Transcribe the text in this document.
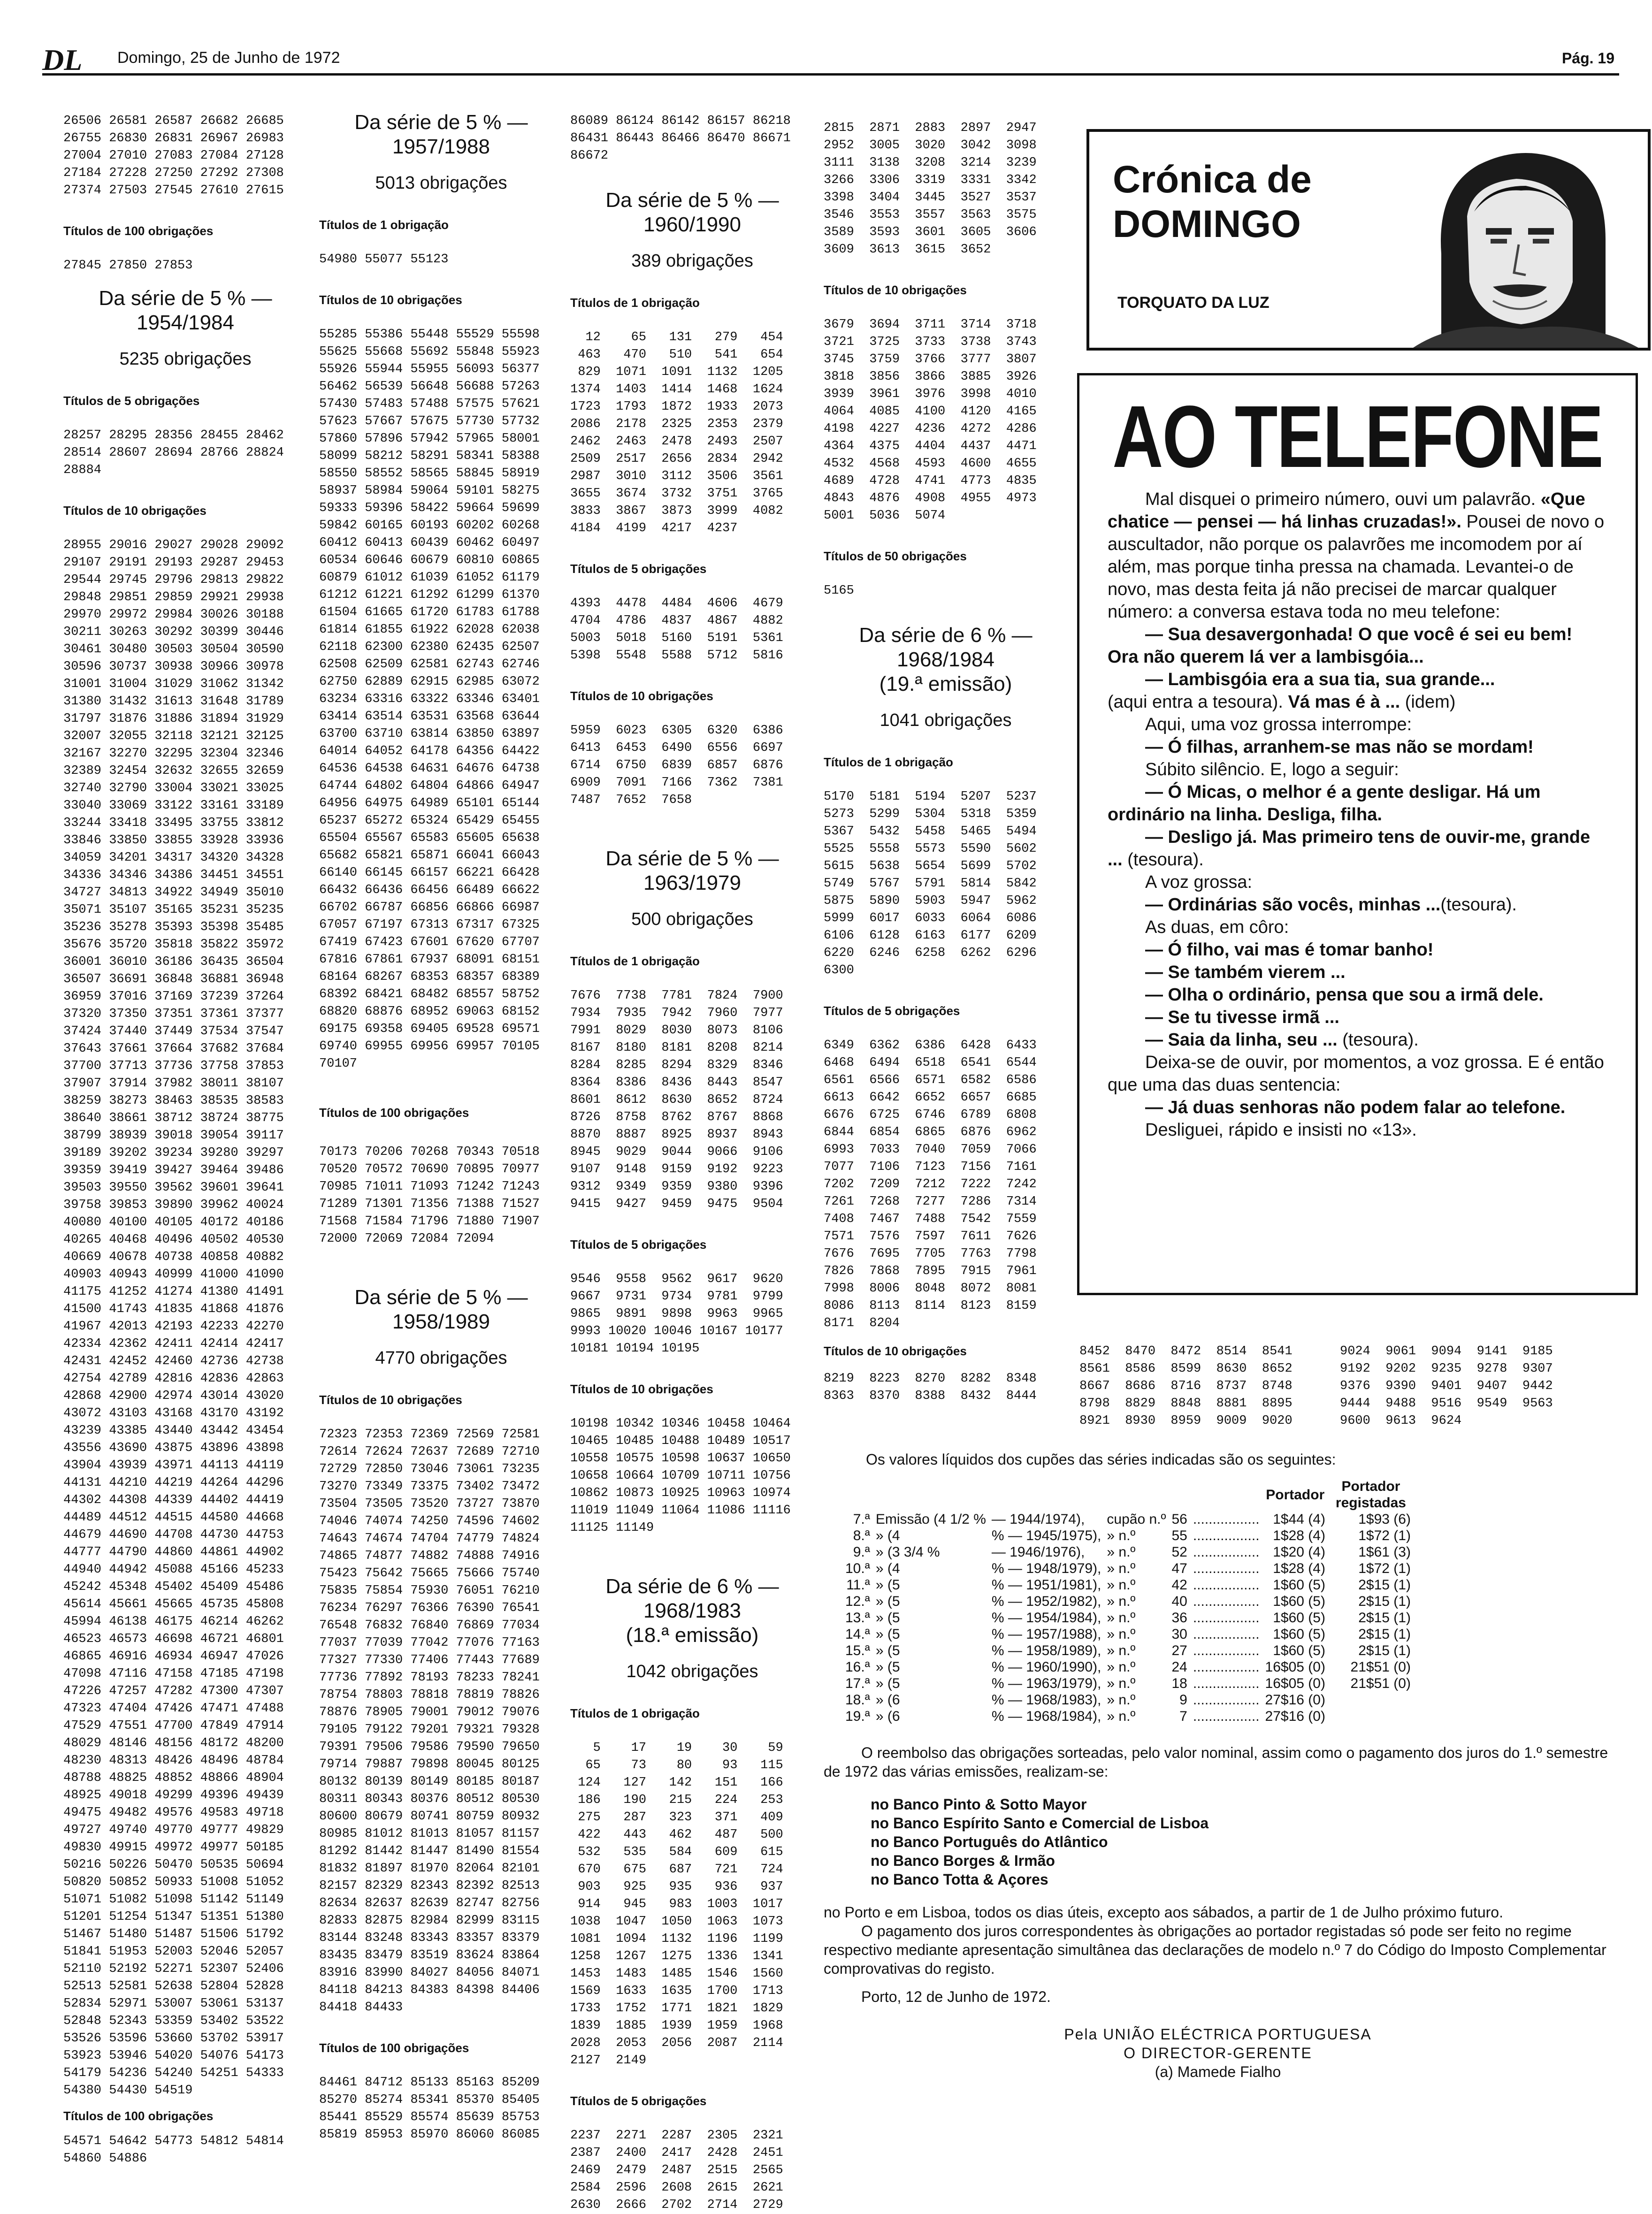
DL Domingo, 25 de Junho de 1972	Pág. 19
26506 26581 26587 26682 26685
26755 26830 26831 26967 26983
27004 27010 27083 27084 27128
27184 27228 27250 27292 27308
27374 27503 27545 27610 27615
Títulos de 100 obrigações
27845 27850 27853
Da série de 5 % —
1954/1984
5235 obrigações
Títulos de 5 obrigações
28257 28295 28356 28455 28462
28514 28607 28694 28766 28824
28884
Títulos de 10 obrigações
28955 29016 29027 29028 29092
29107 29191 29193 29287 29453
29544 29745 29796 29813 29822
29848 29851 29859 29921 29938
29970 29972 29984 30026 30188
30211 30263 30292 30399 30446
30461 30480 30503 30504 30590
30596 30737 30938 30966 30978
31001 31004 31029 31062 31342
31380 31432 31613 31648 31789
31797 31876 31886 31894 31929
32007 32055 32118 32121 32125
32167 32270 32295 32304 32346
32389 32454 32632 32655 32659
32740 32790 33004 33021 33025
33040 33069 33122 33161 33189
33244 33418 33495 33755 33812
33846 33850 33855 33928 33936
34059 34201 34317 34320 34328
34336 34346 34386 34451 34551
34727 34813 34922 34949 35010
35071 35107 35165 35231 35235
35236 35278 35393 35398 35485
35676 35720 35818 35822 35972
36001 36010 36186 36435 36504
36507 36691 36848 36881 36948
36959 37016 37169 37239 37264
37320 37350 37351 37361 37377
37424 37440 37449 37534 37547
37643 37661 37664 37682 37684
37700 37713 37736 37758 37853
37907 37914 37982 38011 38107
38259 38273 38463 38535 38583
38640 38661 38712 38724 38775
38799 38939 39018 39054 39117
39189 39202 39234 39280 39297
39359 39419 39427 39464 39486
39503 39550 39562 39601 39641
39758 39853 39890 39962 40024
40080 40100 40105 40172 40186
40265 40468 40496 40502 40530
40669 40678 40738 40858 40882
40903 40943 40999 41000 41090
41175 41252 41274 41380 41491
41500 41743 41835 41868 41876
41967 42013 42193 42233 42270
42334 42362 42411 42414 42417
42431 42452 42460 42736 42738
42754 42789 42816 42836 42863
42868 42900 42974 43014 43020
43072 43103 43168 43170 43192
43239 43385 43440 43442 43454
43556 43690 43875 43896 43898
43904 43939 43971 44113 44119
44131 44210 44219 44264 44296
44302 44308 44339 44402 44419
44489 44512 44515 44580 44668
44679 44690 44708 44730 44753
44777 44790 44860 44861 44902
44940 44942 45088 45166 45233
45242 45348 45402 45409 45486
45614 45661 45665 45735 45808
45994 46138 46175 46214 46262
46523 46573 46698 46721 46801
46865 46916 46934 46947 47026
47098 47116 47158 47185 47198
47226 47257 47282 47300 47307
47323 47404 47426 47471 47488
47529 47551 47700 47849 47914
48029 48146 48156 48172 48200
48230 48313 48426 48496 48784
48788 48825 48852 48866 48904
48925 49018 49299 49396 49439
49475 49482 49576 49583 49718
49727 49740 49770 49777 49829
49830 49915 49972 49977 50185
50216 50226 50470 50535 50694
50820 50852 50933 51008 51052
51071 51082 51098 51142 51149
51201 51254 51347 51351 51380
51467 51480 51487 51506 51792
51841 51953 52003 52046 52057
52110 52192 52271 52307 52406
52513 52581 52638 52804 52828
52834 52971 53007 53061 53137
52848 52343 53359 53402 53522
53526 53596 53660 53702 53917
53923 53946 54020 54076 54173
54179 54236 54240 54251 54333
54380 54430 54519
Títulos de 100 obrigações
54571 54642 54773 54812 54814
54860 54886
Da série de 5 % —
1957/1988
5013 obrigações
Títulos de 1 obrigação
54980 55077 55123
Títulos de 10 obrigações
55285 55386 55448 55529 55598
55625 55668 55692 55848 55923
55926 55944 55955 56093 56377
56462 56539 56648 56688 57263
57430 57483 57488 57575 57621
57623 57667 57675 57730 57732
57860 57896 57942 57965 58001
58099 58212 58291 58341 58388
58550 58552 58565 58845 58919
58937 58984 59064 59101 58275
59333 59396 58422 59664 59699
59842 60165 60193 60202 60268
60412 60413 60439 60462 60497
60534 60646 60679 60810 60865
60879 61012 61039 61052 61179
61212 61221 61292 61299 61370
61504 61665 61720 61783 61788
61814 61855 61922 62028 62038
62118 62300 62380 62435 62507
62508 62509 62581 62743 62746
62750 62889 62915 62985 63072
63234 63316 63322 63346 63401
63414 63514 63531 63568 63644
63700 63710 63814 63850 63897
64014 64052 64178 64356 64422
64536 64538 64631 64676 64738
64744 64802 64804 64866 64947
64956 64975 64989 65101 65144
65237 65272 65324 65429 65455
65504 65567 65583 65605 65638
65682 65821 65871 66041 66043
66140 66145 66157 66221 66428
66432 66436 66456 66489 66622
66702 66787 66856 66866 66987
67057 67197 67313 67317 67325
67419 67423 67601 67620 67707
67816 67861 67937 68091 68151
68164 68267 68353 68357 68389
68392 68421 68482 68557 58752
68820 68876 68952 69063 68152
69175 69358 69405 69528 69571
69740 69955 69956 69957 70105
70107
Títulos de 100 obrigações
70173 70206 70268 70343 70518
70520 70572 70690 70895 70977
70985 71011 71093 71242 71243
71289 71301 71356 71388 71527
71568 71584 71796 71880 71907
72000 72069 72084 72094
Da série de 5 % —
1958/1989
4770 obrigações
Títulos de 10 obrigações
72323 72353 72369 72569 72581
72614 72624 72637 72689 72710
72729 72850 73046 73061 73235
73270 73349 73375 73402 73472
73504 73505 73520 73727 73870
74046 74074 74250 74596 74602
74643 74674 74704 74779 74824
74865 74877 74882 74888 74916
75423 75642 75665 75666 75740
75835 75854 75930 76051 76210
76234 76297 76366 76390 76541
76548 76832 76840 76869 77034
77037 77039 77042 77076 77163
77327 77330 77406 77443 77689
77736 77892 78193 78233 78241
78754 78803 78818 78819 78826
78876 78905 79001 79012 79076
79105 79122 79201 79321 79328
79391 79506 79586 79590 79650
79714 79887 79898 80045 80125
80132 80139 80149 80185 80187
80311 80343 80376 80512 80530
80600 80679 80741 80759 80932
80985 81012 81013 81057 81157
81292 81442 81447 81490 81554
81832 81897 81970 82064 82101
82157 82329 82343 82392 82513
82634 82637 82639 82747 82756
82833 82875 82984 82999 83115
83144 83248 83343 83357 83379
83435 83479 83519 83624 83864
83916 83990 84027 84056 84071
84118 84213 84383 84398 84406
84418 84433
Títulos de 100 obrigações
84461 84712 85133 85163 85209
85270 85274 85341 85370 85405
85441 85529 85574 85639 85753
85819 85953 85970 86060 86085
86089 86124 86142 86157 86218
86431 86443 86466 86470 86671
86672
Da série de 5 % —
1960/1990
389 obrigações
Títulos de 1 obrigação
12    65   131   279   454
463   470   510   541   654
829  1071  1091  1132  1205
1374  1403  1414  1468  1624
1723  1793  1872  1933  2073
2086  2178  2325  2353  2379
2462  2463  2478  2493  2507
2509  2517  2656  2834  2942
2987  3010  3112  3506  3561
3655  3674  3732  3751  3765
3833  3867  3873  3999  4082
4184  4199  4217  4237
Títulos de 5 obrigações
4393  4478  4484  4606  4679
4704  4786  4837  4867  4882
5003  5018  5160  5191  5361
5398  5548  5588  5712  5816
Títulos de 10 obrigações
5959  6023  6305  6320  6386
6413  6453  6490  6556  6697
6714  6750  6839  6857  6876
6909  7091  7166  7362  7381
7487  7652  7658
Da série de 5 % —
1963/1979
500 obrigações
Títulos de 1 obrigação
7676  7738  7781  7824  7900
7934  7935  7942  7960  7977
7991  8029  8030  8073  8106
8167  8180  8181  8208  8214
8284  8285  8294  8329  8346
8364  8386  8436  8443  8547
8601  8612  8630  8652  8724
8726  8758  8762  8767  8868
8870  8887  8925  8937  8943
8945  9029  9044  9066  9106
9107  9148  9159  9192  9223
9312  9349  9359  9380  9396
9415  9427  9459  9475  9504
Títulos de 5 obrigações
9546  9558  9562  9617  9620
9667  9731  9734  9781  9799
9865  9891  9898  9963  9965
9993 10020 10046 10167 10177
10181 10194 10195
Títulos de 10 obrigações
10198 10342 10346 10458 10464
10465 10485 10488 10489 10517
10558 10575 10598 10637 10650
10658 10664 10709 10711 10756
10862 10873 10925 10963 10974
11019 11049 11064 11086 11116
11125 11149
Da série de 6 % —
1968/1983
(18.ª emissão)
1042 obrigações
Títulos de 1 obrigação
5    17    19    30    59
65    73    80    93   115
124   127   142   151   166
186   190   215   224   253
275   287   323   371   409
422   443   462   487   500
532   535   584   609   615
670   675   687   721   724
903   925   935   936   937
914   945   983  1003  1017
1038  1047  1050  1063  1073
1081  1094  1132  1196  1199
1258  1267  1275  1336  1341
1453  1483  1485  1546  1560
1569  1633  1635  1700  1713
1733  1752  1771  1821  1829
1839  1885  1939  1959  1968
2028  2053  2056  2087  2114
2127  2149
Títulos de 5 obrigações
2237  2271  2287  2305  2321
2387  2400  2417  2428  2451
2469  2479  2487  2515  2565
2584  2596  2608  2615  2621
2630  2666  2702  2714  2729
2815  2871  2883  2897  2947
2952  3005  3020  3042  3098
3111  3138  3208  3214  3239
3266  3306  3319  3331  3342
3398  3404  3445  3527  3537
3546  3553  3557  3563  3575
3589  3593  3601  3605  3606
3609  3613  3615  3652
Títulos de 10 obrigações
3679  3694  3711  3714  3718
3721  3725  3733  3738  3743
3745  3759  3766  3777  3807
3818  3856  3866  3885  3926
3939  3961  3976  3998  4010
4064  4085  4100  4120  4165
4198  4227  4236  4272  4286
4364  4375  4404  4437  4471
4532  4568  4593  4600  4655
4689  4728  4741  4773  4835
4843  4876  4908  4955  4973
5001  5036  5074
Títulos de 50 obrigações
5165
Da série de 6 % —
1968/1984
(19.ª emissão)
1041 obrigações
Títulos de 1 obrigação
5170  5181  5194  5207  5237
5273  5299  5304  5318  5359
5367  5432  5458  5465  5494
5525  5558  5573  5590  5602
5615  5638  5654  5699  5702
5749  5767  5791  5814  5842
5875  5890  5903  5947  5962
5999  6017  6033  6064  6086
6106  6128  6163  6177  6209
6220  6246  6258  6262  6296
6300
Títulos de 5 obrigações
6349  6362  6386  6428  6433
6468  6494  6518  6541  6544
6561  6566  6571  6582  6586
6613  6642  6652  6657  6685
6676  6725  6746  6789  6808
6844  6854  6865  6876  6962
6993  7033  7040  7059  7066
7077  7106  7123  7156  7161
7202  7209  7212  7222  7242
7261  7268  7277  7286  7314
7408  7467  7488  7542  7559
7571  7576  7597  7611  7626
7676  7695  7705  7763  7798
7826  7868  7895  7915  7961
7998  8006  8048  8072  8081
8086  8113  8114  8123  8159
8171  8204
Títulos de 10 obrigações
8219  8223  8270  8282  8348
8363  8370  8388  8432  8444
8452  8470  8472  8514  8541
8561  8586  8599  8630  8652
8667  8686  8716  8737  8748
8798  8829  8848  8881  8895
8921  8930  8959  9009  9020
9024  9061  9094  9141  9185
9192  9202  9235  9278  9307
9376  9390  9401  9407  9442
9444  9488  9516  9549  9563
9600  9613  9624
Crónica de
DOMINGO
TORQUATO DA LUZ
AO TELEFONE

Mal disquei o primeiro número, ouvi um palavrão. «Que chatice — pensei — há linhas cruzadas!». Pousei de novo o auscultador, não porque os palavrões me incomodem por aí além, mas porque tinha pressa na chamada. Levantei-o de novo, mas desta feita já não precisei de marcar qualquer número: a conversa estava toda no meu telefone:

— Sua desavergonhada! O que você é sei eu bem! Ora não querem lá ver a lambisgóia...

— Lambisgóia era a sua tia, sua grande...
(aqui entra a tesoura). Vá mas é à ... (idem)

Aqui, uma voz grossa interrompe:

— Ó filhas, arranhem-se mas não se mordam!

Súbito silêncio. E, logo a seguir:

— Ó Micas, o melhor é a gente desligar. Há um ordinário na linha. Desliga, filha.

— Desligo já. Mas primeiro tens de ouvir-me, grande ... (tesoura).

A voz grossa:

— Ordinárias são vocês, minhas ...(tesoura).

As duas, em côro:

— Ó filho, vai mas é tomar banho!

— Se também vierem ...

— Olha o ordinário, pensa que sou a irmã dele.

— Se tu tivesse irmã ...

— Saia da linha, seu ... (tesoura).

Deixa-se de ouvir, por momentos, a voz grossa. E é então que uma das duas sentencia:

— Já duas senhoras não podem falar ao telefone.

Desliguei, rápido e insisti no «13».

Os valores líquidos dos cupões das séries indicadas são os seguintes:

						Portador	Portador registadas
7.ª	Emissão (4 1/2 %	— 1944/1974),	cupão n.º	56	.................	1$44 (4)	1$93 (6)
8.ª	» (4	% — 1945/1975),	» n.º	55	.................	1$28 (4)	1$72 (1)
9.ª	» (3 3/4 %	— 1946/1976),	» n.º	52	.................	1$20 (4)	1$61 (3)
10.ª	» (4	% — 1948/1979),	» n.º	47	.................	1$28 (4)	1$72 (1)
11.ª	» (5	% — 1951/1981),	» n.º	42	.................	1$60 (5)	2$15 (1)
12.ª	» (5	% — 1952/1982),	» n.º	40	.................	1$60 (5)	2$15 (1)
13.ª	» (5	% — 1954/1984),	» n.º	36	.................	1$60 (5)	2$15 (1)
14.ª	» (5	% — 1957/1988),	» n.º	30	.................	1$60 (5)	2$15 (1)
15.ª	» (5	% — 1958/1989),	» n.º	27	.................	1$60 (5)	2$15 (1)
16.ª	» (5	% — 1960/1990),	» n.º	24	.................	16$05 (0)	21$51 (0)
17.ª	» (5	% — 1963/1979),	» n.º	18	.................	16$05 (0)	21$51 (0)
18.ª	» (6	% — 1968/1983),	» n.º	9	.................	27$16 (0)	
19.ª	» (6	% — 1968/1984),	» n.º	7	.................	27$16 (0)	

O reembolso das obrigações sorteadas, pelo valor nominal, assim como o pagamento dos juros do 1.º semestre de 1972 das várias emissões, realizam-se:

no Banco Pinto & Sotto Mayor
no Banco Espírito Santo e Comercial de Lisboa
no Banco Português do Atlântico
no Banco Borges & Irmão
no Banco Totta & Açores

no Porto e em Lisboa, todos os dias úteis, excepto aos sábados, a partir de 1 de Julho próximo futuro.

O pagamento dos juros correspondentes às obrigações ao portador registadas só pode ser feito no regime respectivo mediante apresentação simultânea das declarações de modelo n.º 7 do Código do Imposto Complementar comprovativas do registo.

Porto, 12 de Junho de 1972.

Pela UNIÃO ELÉCTRICA PORTUGUESA
O DIRECTOR-GERENTE
(a) Mamede Fialho
